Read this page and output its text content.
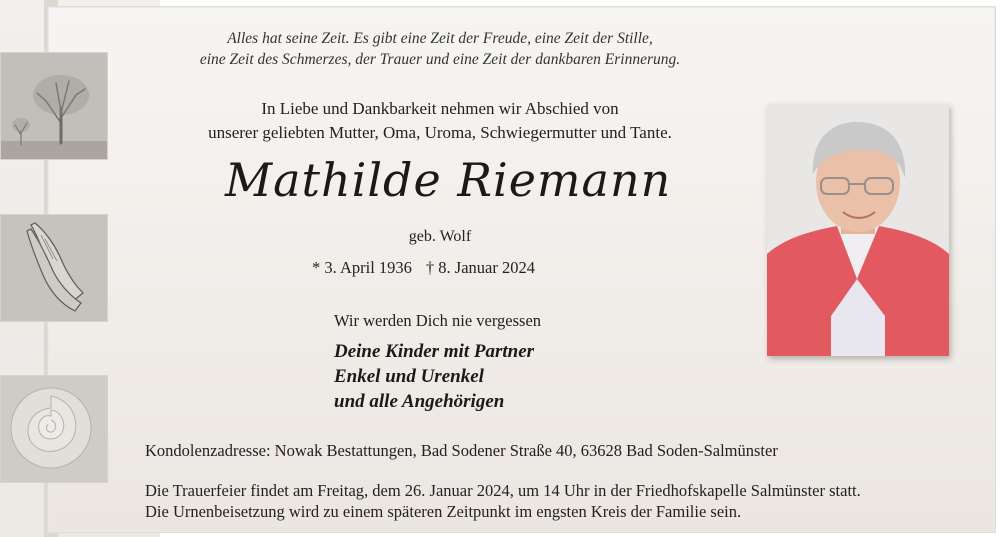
Alles hat seine Zeit. Es gibt eine Zeit der Freude, eine Zeit der Stille,
eine Zeit des Schmerzes, der Trauer und eine Zeit der dankbaren Erinnerung.
In Liebe und Dankbarkeit nehmen wir Abschied von
unserer geliebten Mutter, Oma, Uroma, Schwiegermutter und Tante.
Mathilde Riemann
geb. Wolf
* 3. April 1936 † 8. Januar 2024
Wir werden Dich nie vergessen
Deine Kinder mit Partner
Enkel und Urenkel
und alle Angehörigen
Kondolenzadresse: Nowak Bestattungen, Bad Sodener Straße 40, 63628 Bad Soden-Salmünster
Die Trauerfeier findet am Freitag, dem 26. Januar 2024, um 14 Uhr in der Friedhofskapelle Salmünster statt.
Die Urnenbeisetzung wird zu einem späteren Zeitpunkt im engsten Kreis der Familie sein.
